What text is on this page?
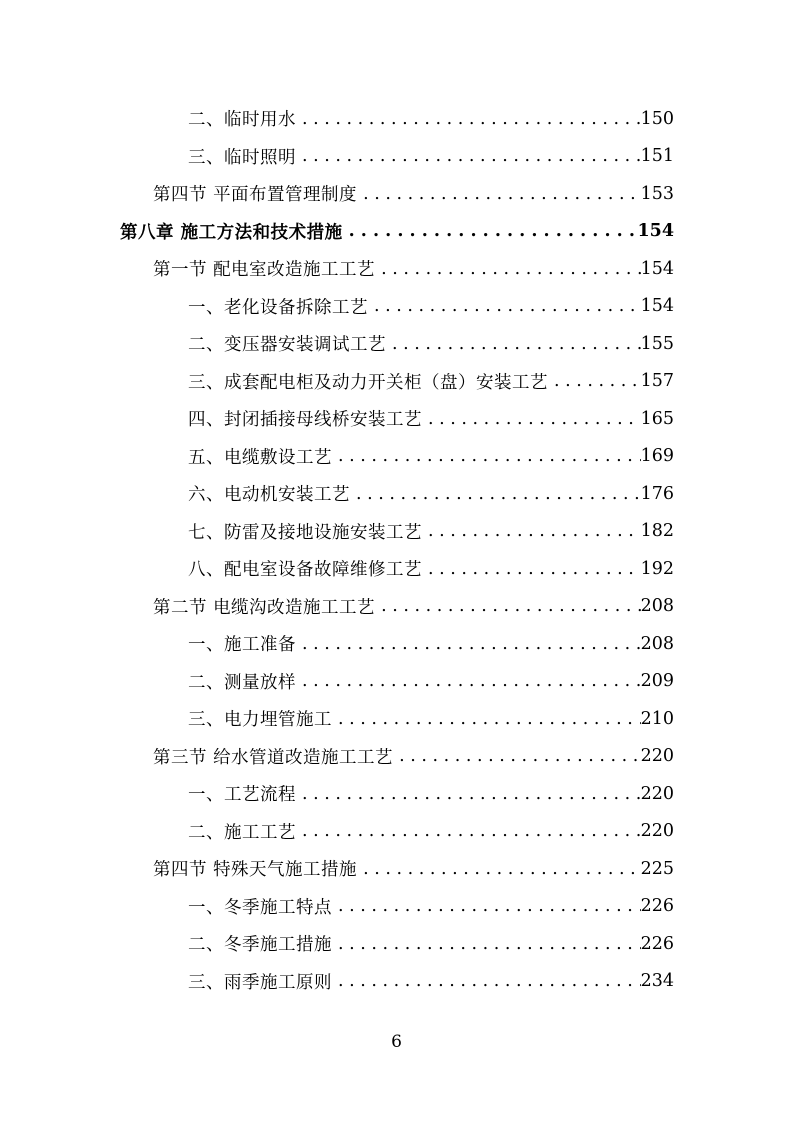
二、临时用水 . . .	150
三、临时照明 . . .	151
第四节 平面布置管理制度 . . .	153
第八章 施工方法和技术措施 . . .	154
第一节 配电室改造施工工艺 . . .	154
一、老化设备拆除工艺 . . .	154
二、变压器安装调试工艺 . . .	155
三、成套配电柜及动力开关柜（盘）安装工艺 . . .	157
四、封闭插接母线桥安装工艺 . . .	165
五、电缆敷设工艺 . . .	169
六、电动机安装工艺 . . .	176
七、防雷及接地设施安装工艺 . . .	182
八、配电室设备故障维修工艺 . . .	192
第二节 电缆沟改造施工工艺 . . .	208
一、施工准备 . . .	208
二、测量放样 . . .	209
三、电力埋管施工 . . .	210
第三节 给水管道改造施工工艺 . . .	220
一、工艺流程 . . .	220
二、施工工艺 . . .	220
第四节 特殊天气施工措施 . . .	225
一、冬季施工特点 . . .	226
二、冬季施工措施 . . .	226
三、雨季施工原则 . . .	234
6
